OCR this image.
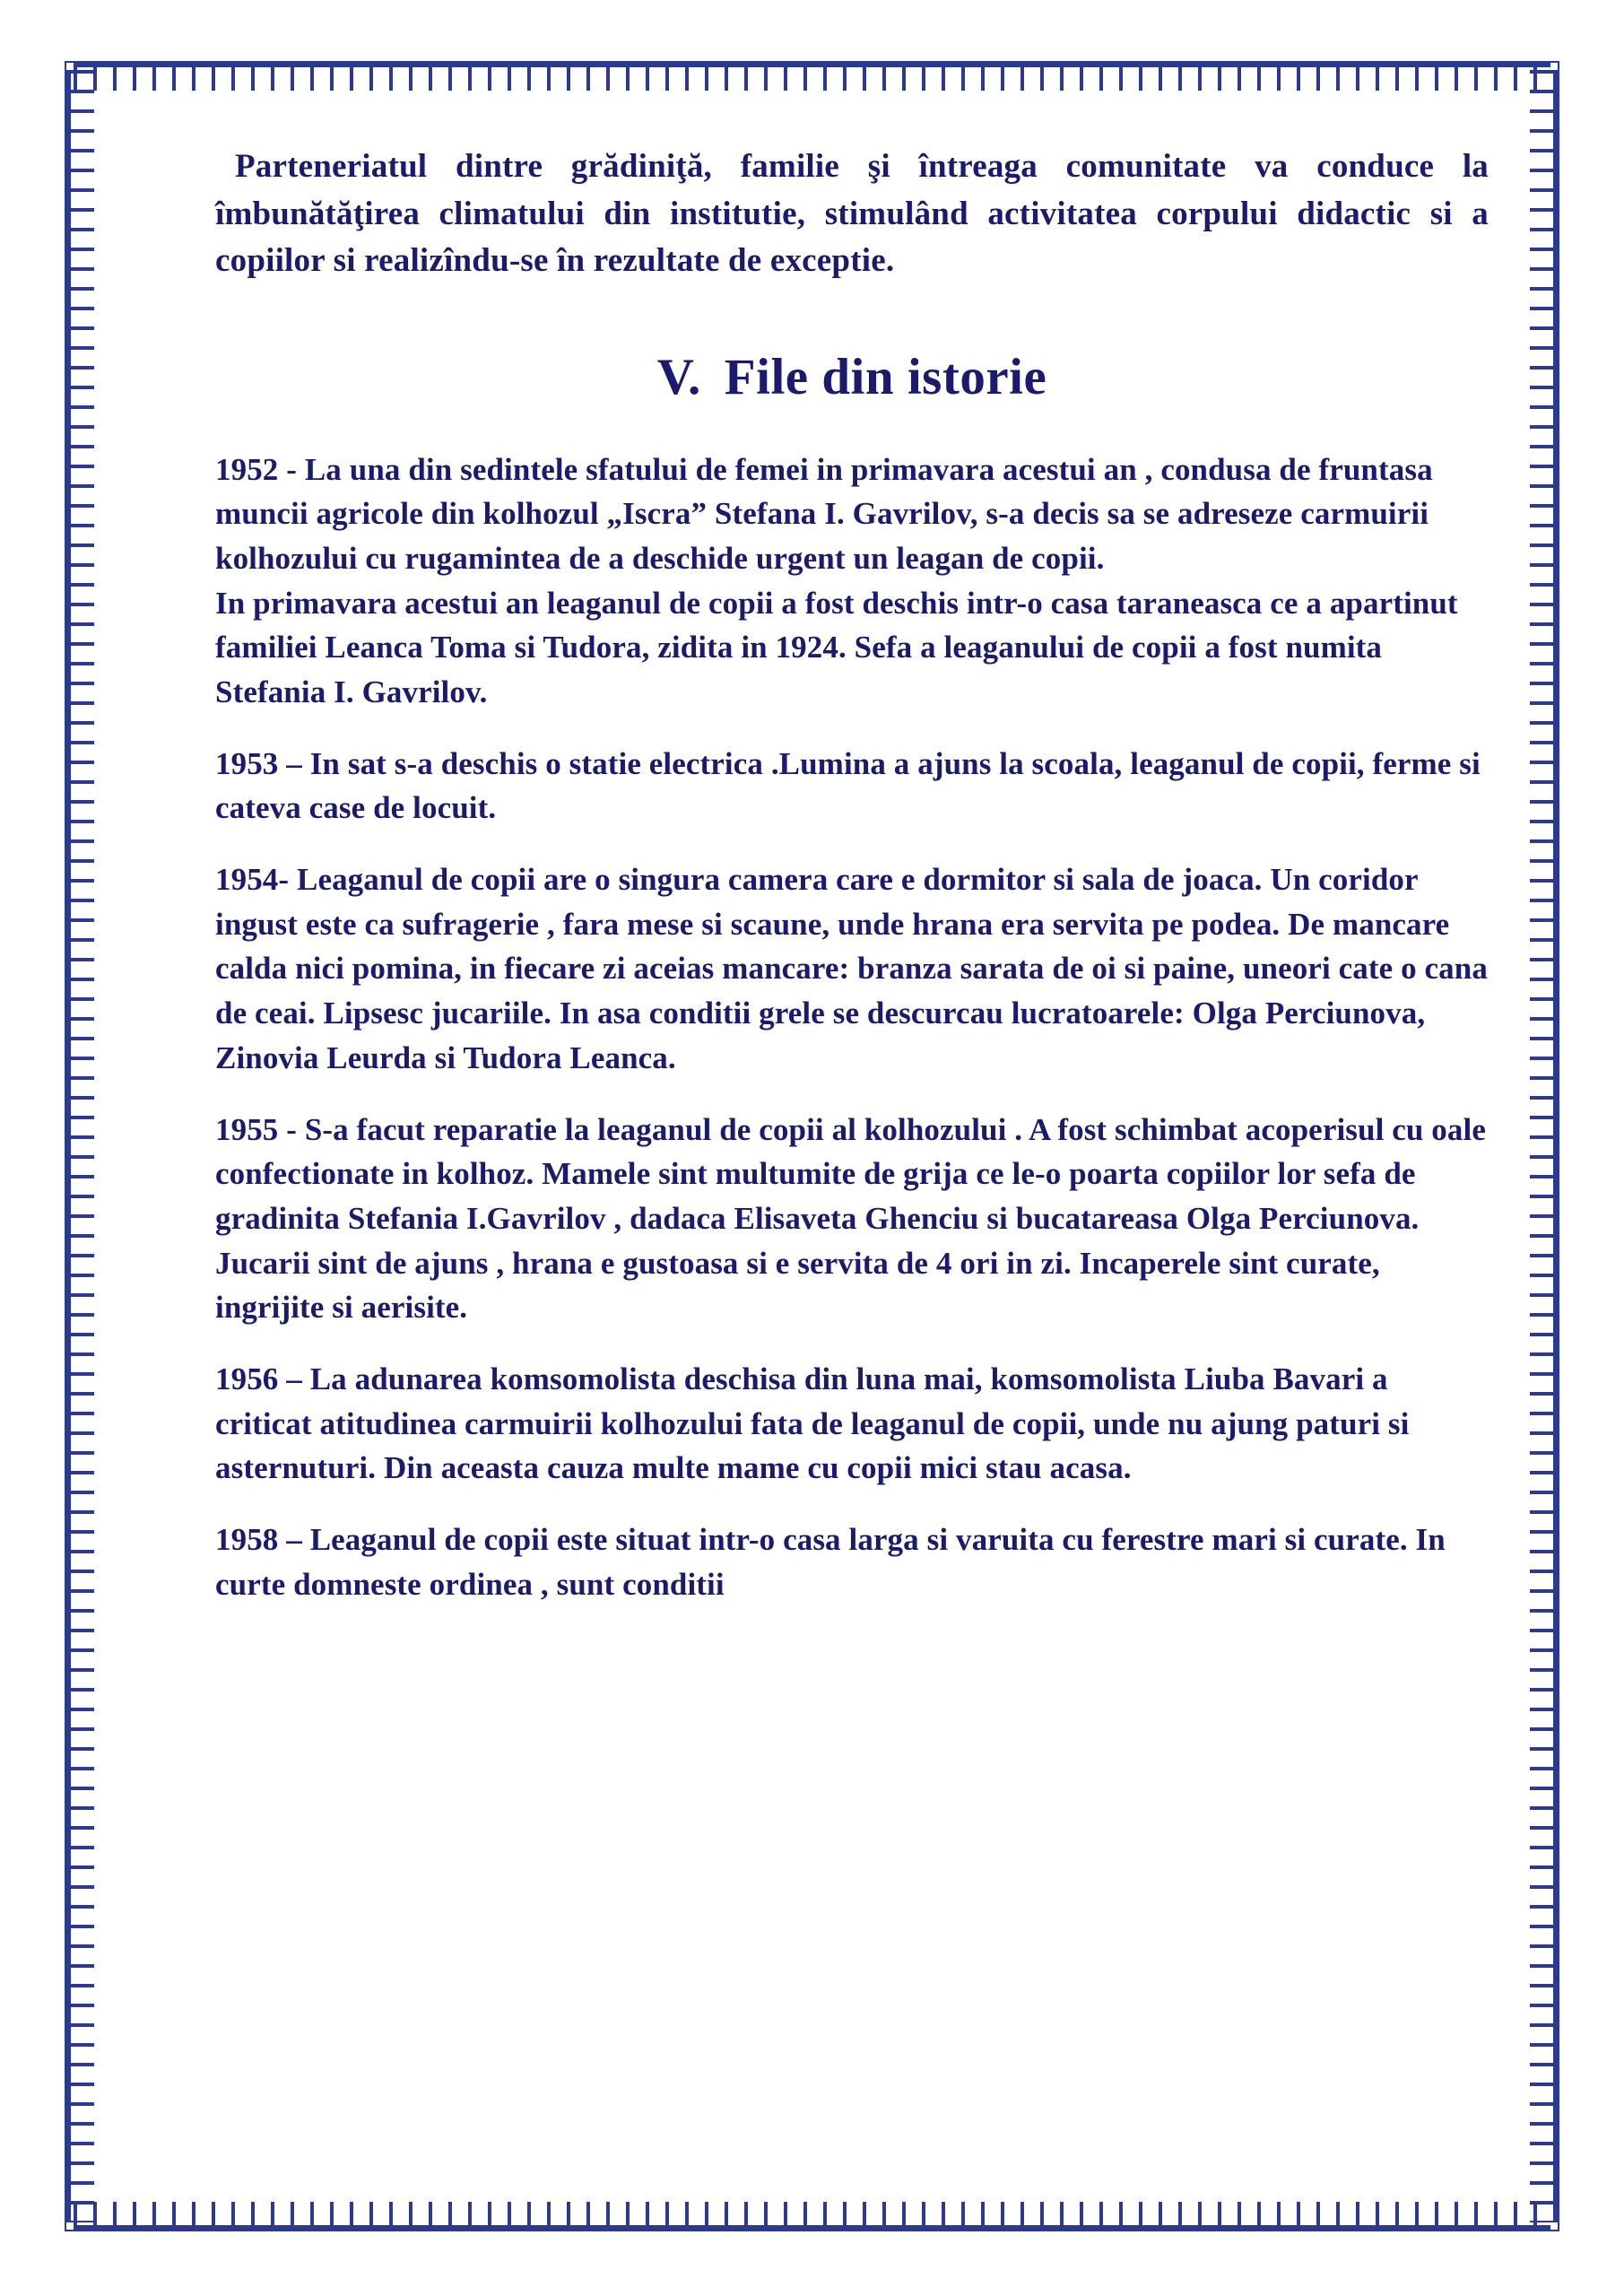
Parteneriatul dintre grădiniţă, familie şi întreaga comunitate va conduce la îmbunătăţirea climatului din institutie, stimulând activitatea corpului didactic si a copiilor si realizîndu-se în rezultate de exceptie.

V. File din istorie

1952 - La una din sedintele sfatului de femei in primavara acestui an , condusa de fruntasa muncii agricole din kolhozul „Iscra” Stefana I. Gavrilov, s-a decis sa se adreseze carmuirii kolhozului cu rugamintea de a deschide urgent un leagan de copii.
In primavara acestui an leaganul de copii a fost deschis intr-o casa taraneasca ce a apartinut familiei Leanca Toma si Tudora, zidita in 1924. Sefa a leaganului de copii a fost numita Stefania I. Gavrilov.

1953 – In sat s-a deschis o statie electrica .Lumina a ajuns la scoala, leaganul de copii, ferme si cateva case de locuit.

1954- Leaganul de copii are o singura camera care e dormitor si sala de joaca. Un coridor ingust este ca sufragerie , fara mese si scaune, unde hrana era servita pe podea. De mancare calda nici pomina, in fiecare zi aceias mancare: branza sarata de oi si paine, uneori cate o cana de ceai. Lipsesc jucariile. In asa conditii grele se descurcau lucratoarele: Olga Perciunova, Zinovia Leurda si Tudora Leanca.

1955 - S-a facut reparatie la leaganul de copii al kolhozului . A fost schimbat acoperisul cu oale confectionate in kolhoz. Mamele sint multumite de grija ce le-o poarta copiilor lor sefa de gradinita Stefania I.Gavrilov , dadaca Elisaveta Ghenciu si bucatareasa Olga Perciunova. Jucarii sint de ajuns , hrana e gustoasa si e servita de 4 ori in zi. Incaperele sint curate, ingrijite si aerisite.

1956 – La adunarea komsomolista deschisa din luna mai, komsomolista Liuba Bavari a criticat atitudinea carmuirii kolhozului fata de leaganul de copii, unde nu ajung paturi si asternuturi. Din aceasta cauza multe mame cu copii mici stau acasa.

1958 – Leaganul de copii este situat intr-o casa larga si varuita cu ferestre mari si curate. In curte domneste ordinea , sunt conditii
